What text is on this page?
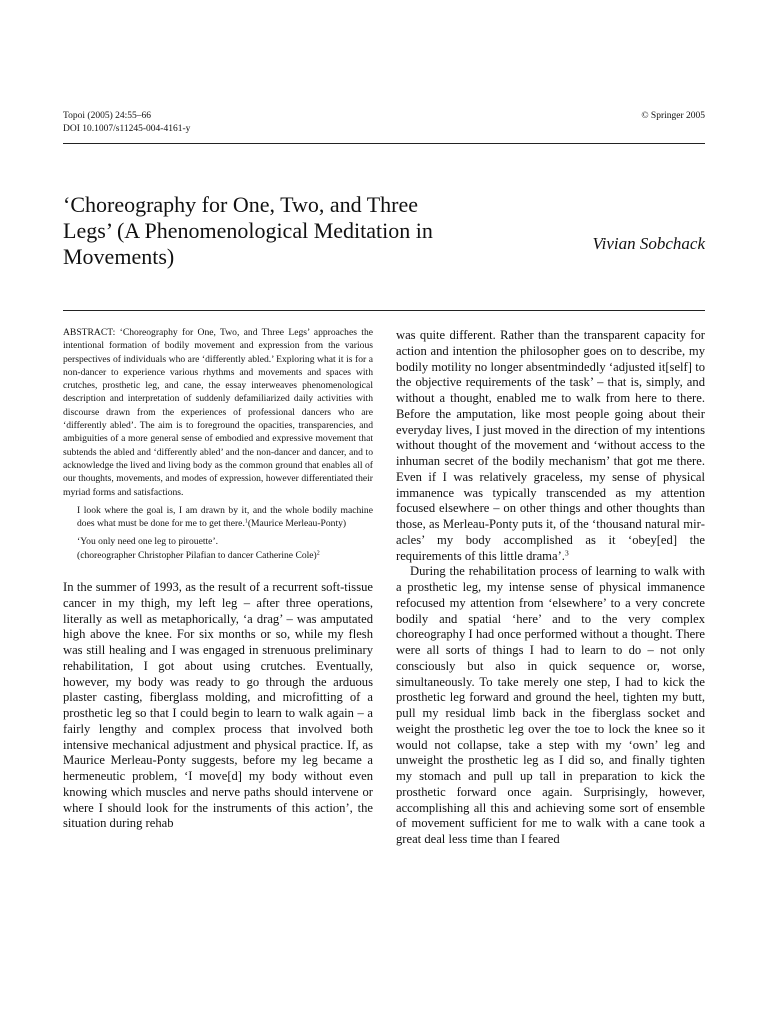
Topoi (2005) 24:55–66
DOI 10.1007/s11245-004-4161-y
© Springer 2005
‘Choreography for One, Two, and Three
Legs’ (A Phenomenological Meditation in
Movements)
Vivian Sobchack

ABSTRACT: ‘Choreography for One, Two, and Three Legs’ approaches the intentional formation of bodily movement and expression from the various perspectives of individuals who are ‘differently abled.’ Exploring what it is for a non-dancer to experience various rhythms and movements and spaces with crutches, prosthetic leg, and cane, the essay interweaves phenomenological description and interpretation of suddenly defamiliarized daily activities with discourse drawn from the experiences of professional dancers who are ‘differently abled’. The aim is to foreground the opacities, transparencies, and ambiguities of a more general sense of embodied and expressive movement that subtends the abled and ‘differently abled’ and the non-dancer and dancer, and to acknowledge the lived and living body as the common ground that enables all of our thoughts, movements, and modes of expression, however differentiated their myriad forms and satisfactions.

I look where the goal is, I am drawn by it, and the whole bodily machine does what must be done for me to get there.$^1$(Maurice Merleau-Ponty)

‘You only need one leg to pirouette’.
(choreographer Christopher Pilafian to dancer Catherine Cole)$^2$

In the summer of 1993, as the result of a recurrent soft-tissue cancer in my thigh, my left leg – after three operations, literally as well as metaphorically, ‘a drag’ – was amputated high above the knee. For six months or so, while my flesh was still healing and I was engaged in strenuous preliminary rehabilitation, I got about using crutches. Eventually, however, my body was ready to go through the arduous plaster casting, fiberglass molding, and microfitting of a prosthetic leg so that I could begin to learn to walk again – a fairly lengthy and complex process that involved both intensive mechanical adjustment and physical practice. If, as Maurice Merleau-Ponty suggests, before my leg became a hermeneutic problem, ‘I move[d] my body without even knowing which muscles and nerve paths should intervene or where I should look for the instruments of this action’, the situation during rehab

was quite different. Rather than the transparent capacity for action and intention the philosopher goes on to describe, my bodily motility no longer absentmindedly ‘adjusted it[self] to the objective requirements of the task’ – that is, simply, and without a thought, enabled me to walk from here to there. Before the amputation, like most people going about their everyday lives, I just moved in the direction of my intentions without thought of the movement and ‘without access to the inhuman secret of the bodily mechanism’ that got me there. Even if I was relatively graceless, my sense of physical immanence was typically transcended as my attention focused elsewhere – on other things and other thoughts than those, as Merleau-Ponty puts it, of the ‘thousand natural miracles’ my body accomplished as it ‘obey[ed] the requirements of this little drama’.$^3$

During the rehabilitation process of learning to walk with a prosthetic leg, my intense sense of physical immanence refocused my attention from ‘elsewhere’ to a very concrete bodily and spatial ‘here’ and to the very complex choreography I had once performed without a thought. There were all sorts of things I had to learn to do – not only consciously but also in quick sequence or, worse, simultaneously. To take merely one step, I had to kick the prosthetic leg forward and ground the heel, tighten my butt, pull my residual limb back in the fiberglass socket and weight the prosthetic leg over the toe to lock the knee so it would not collapse, take a step with my ‘own’ leg and unweight the prosthetic leg as I did so, and finally tighten my stomach and pull up tall in preparation to kick the prosthetic forward once again. Surprisingly, however, accomplishing all this and achieving some sort of ensemble of movement sufficient for me to walk with a cane took a great deal less time than I feared
